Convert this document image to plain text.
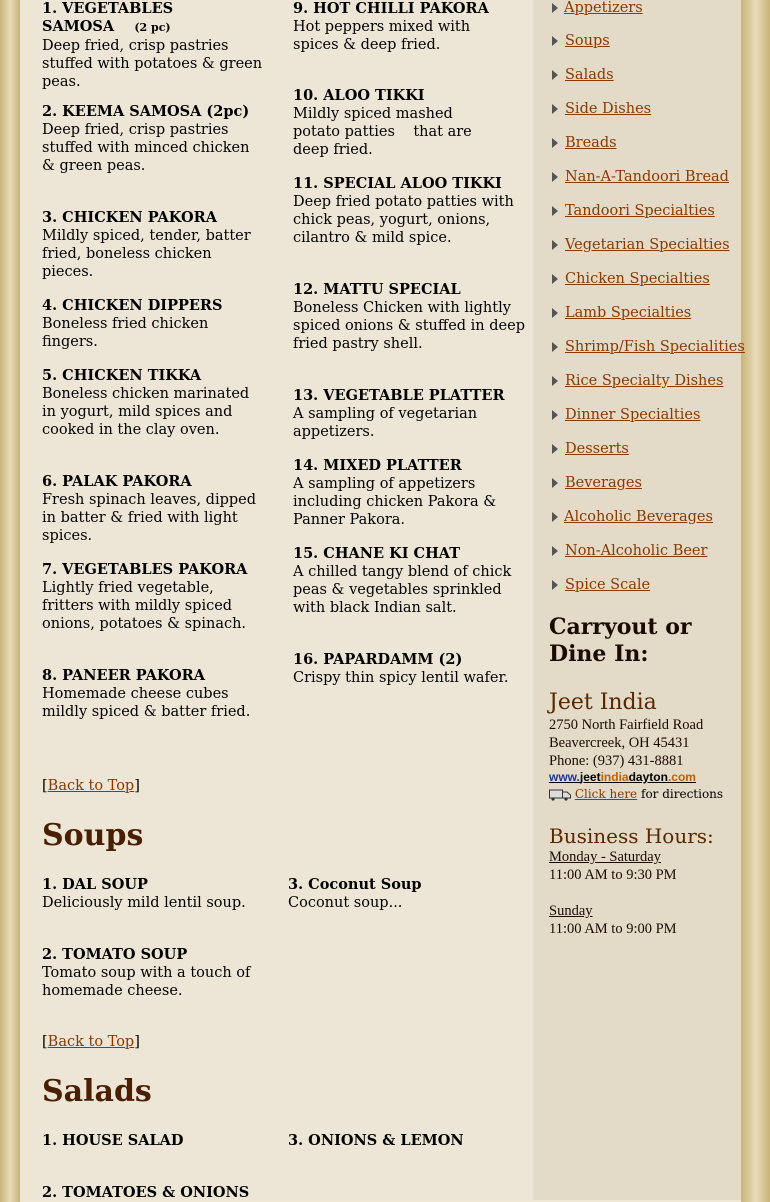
1. VEGETABLES SAMOSA (2 pc)
Deep fried, crisp pastries stuffed with potatoes & green peas.
2. KEEMA SAMOSA (2pc)
Deep fried, crisp pastries stuffed with minced chicken & green peas.
3. CHICKEN PAKORA
Mildly spiced, tender, batter fried, boneless chicken pieces.
4. CHICKEN DIPPERS
Boneless fried chicken fingers.
5. CHICKEN TIKKA
Boneless chicken marinated in yogurt, mild spices and cooked in the clay oven.
6. PALAK PAKORA
Fresh spinach leaves, dipped in batter & fried with light spices.
7. VEGETABLES PAKORA
Lightly fried vegetable, fritters with mildly spiced onions, potatoes & spinach.
8. PANEER PAKORA
Homemade cheese cubes mildly spiced & batter fried.
9. HOT CHILLI PAKORA
Hot peppers mixed with spices & deep fried.
10. ALOO TIKKI
Mildly spiced mashed potato patties    that are deep fried.
11. SPECIAL ALOO TIKKI
Deep fried potato patties with chick peas, yogurt, onions, cilantro & mild spice.
12. MATTU SPECIAL
Boneless Chicken with lightly spiced onions & stuffed in deep fried pastry shell.
13. VEGETABLE PLATTER
A sampling of vegetarian appetizers.
14. MIXED PLATTER
A sampling of appetizers including chicken Pakora & Panner Pakora.
15. CHANE KI CHAT
A chilled tangy blend of chick peas & vegetables sprinkled with black Indian salt.
16. PAPARDAMM (2)
Crispy thin spicy lentil wafer.
[Back to Top]
Soups
1. DAL SOUP
Deliciously mild lentil soup.
2. TOMATO SOUP
Tomato soup with a touch of homemade cheese.
3. Coconut Soup
Coconut soup...
[Back to Top]
Salads
1. HOUSE SALAD
2. TOMATOES & ONIONS
3. ONIONS & LEMON
Appetizers
Soups
Salads
Side Dishes
Breads
Nan-A-Tandoori Bread
Tandoori Specialties
Vegetarian Specialties
Chicken Specialties
Lamb Specialties
Shrimp/Fish Specialities
Rice Specialty Dishes
Dinner Specialties
Desserts
Beverages
Alcoholic Beverages
Non-Alcoholic Beer
Spice Scale
Carryout or Dine In:
Jeet India
2750 North Fairfield Road
Beavercreek, OH 45431
Phone: (937) 431-8881
www.jeetindiadayton.com
Click here for directions
Business Hours:
Monday - Saturday
11:00 AM to 9:30 PM
Sunday
11:00 AM to 9:00 PM
